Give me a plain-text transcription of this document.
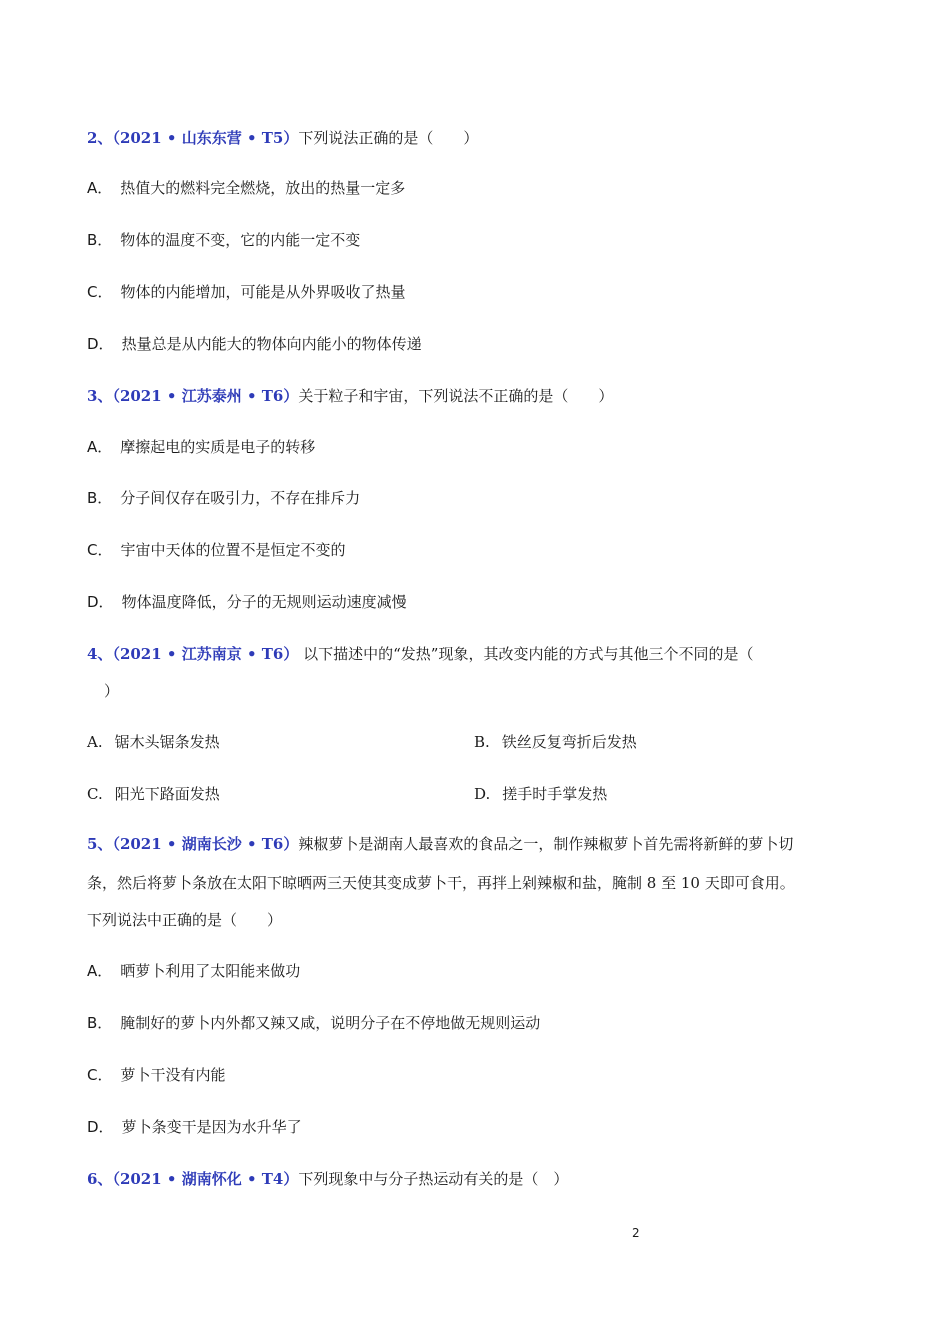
2、（2021 • 山东东营 • T5）下列说法正确的是（　　）
A． 热值大的燃料完全燃烧，放出的热量一定多
B． 物体的温度不变，它的内能一定不变
C． 物体的内能增加，可能是从外界吸收了热量
D． 热量总是从内能大的物体向内能小的物体传递
3、（2021 • 江苏泰州 • T6）关于粒子和宇宙，下列说法不正确的是（　　）
A． 摩擦起电的实质是电子的转移
B． 分子间仅存在吸引力，不存在排斥力
C． 宇宙中天体的位置不是恒定不变的
D． 物体温度降低，分子的无规则运动速度减慢
4、（2021 • 江苏南京 • T6） 以下描述中的“发热”现象，其改变内能的方式与其他三个不同的是（
）
A. 锯木头锯条发热	B. 铁丝反复弯折后发热
C. 阳光下路面发热	D. 搓手时手掌发热
5、（2021 • 湖南长沙 • T6）辣椒萝卜是湖南人最喜欢的食品之一，制作辣椒萝卜首先需将新鲜的萝卜切
条，然后将萝卜条放在太阳下晾晒两三天使其变成萝卜干，再拌上剁辣椒和盐，腌制 8 至 10 天即可食用。
下列说法中正确的是（　　）
A． 晒萝卜利用了太阳能来做功
B． 腌制好的萝卜内外都又辣又咸，说明分子在不停地做无规则运动
C． 萝卜干没有内能
D． 萝卜条变干是因为水升华了
6、（2021 • 湖南怀化 • T4）下列现象中与分子热运动有关的是（　）
2
